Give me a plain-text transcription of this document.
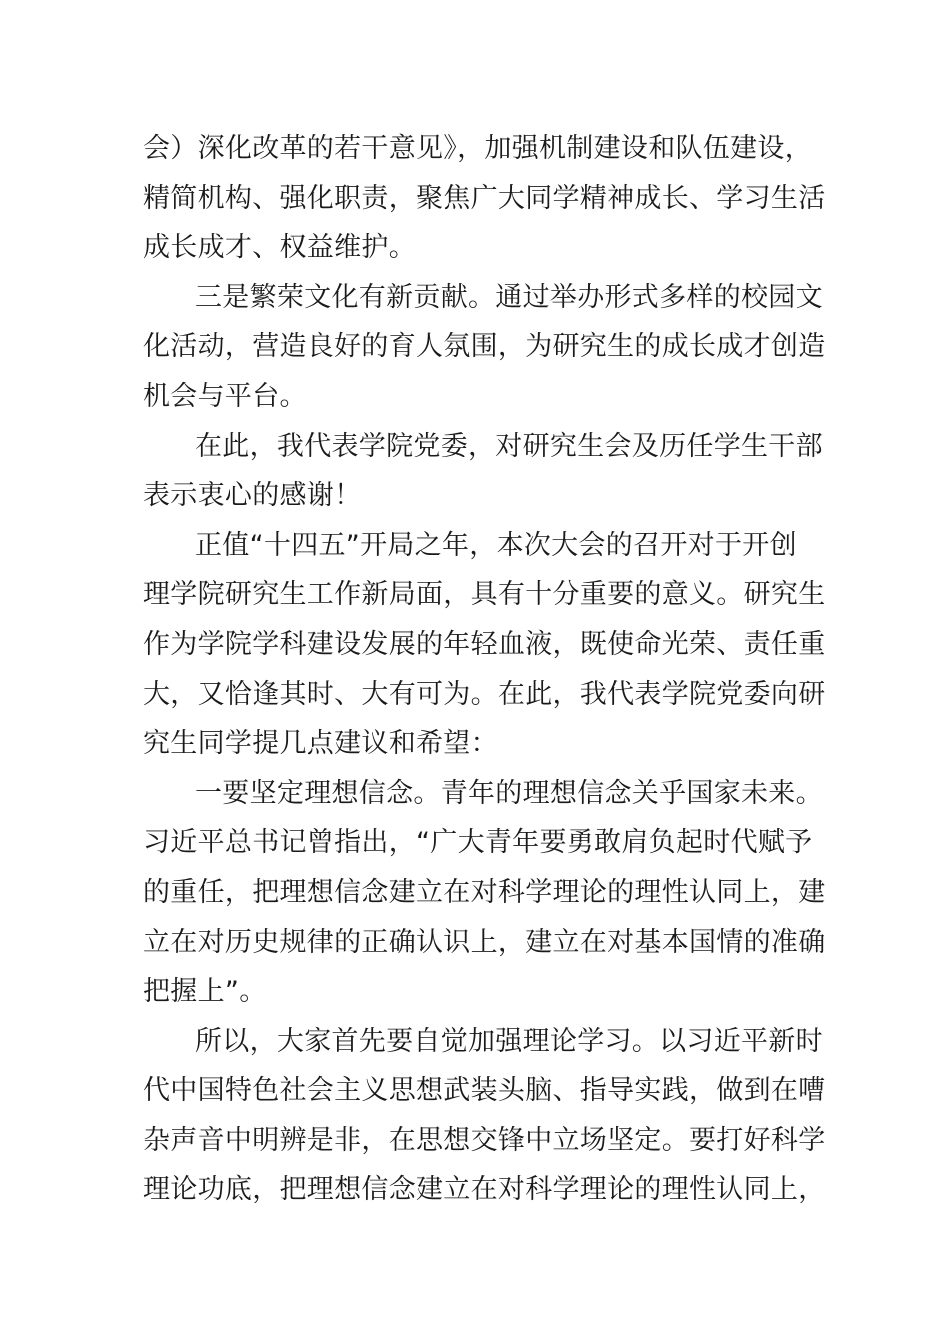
会）深化改革的若干意见》，加强机制建设和队伍建设，
精简机构、强化职责，聚焦广大同学精神成长、学习生活
成长成才、权益维护。
三是繁荣文化有新贡献。通过举办形式多样的校园文
化活动，营造良好的育人氛围，为研究生的成长成才创造
机会与平台。
在此，我代表学院党委，对研究生会及历任学生干部
表示衷心的感谢！
正值“十四五”开局之年，本次大会的召开对于开创
理学院研究生工作新局面，具有十分重要的意义。研究生
作为学院学科建设发展的年轻血液，既使命光荣、责任重
大，又恰逢其时、大有可为。在此，我代表学院党委向研
究生同学提几点建议和希望：
一要坚定理想信念。青年的理想信念关乎国家未来。
习近平总书记曾指出，“广大青年要勇敢肩负起时代赋予
的重任，把理想信念建立在对科学理论的理性认同上，建
立在对历史规律的正确认识上，建立在对基本国情的准确
把握上”。
所以，大家首先要自觉加强理论学习。以习近平新时
代中国特色社会主义思想武装头脑、指导实践，做到在嘈
杂声音中明辨是非，在思想交锋中立场坚定。要打好科学
理论功底，把理想信念建立在对科学理论的理性认同上，
